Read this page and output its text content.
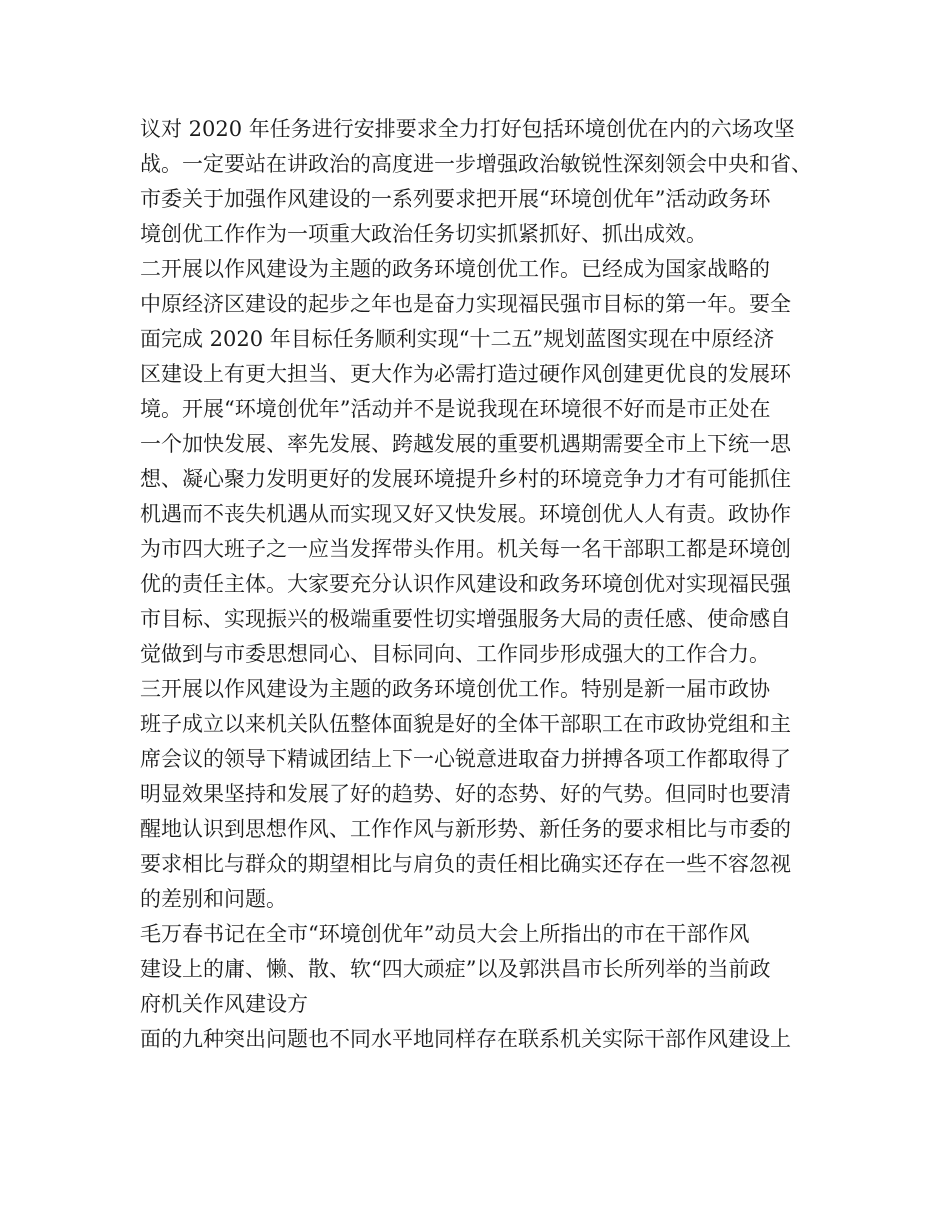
议对 2020 年任务进行安排要求全力打好包括环境创优在内的六场攻坚
战。一定要站在讲政治的高度进一步增强政治敏锐性深刻领会中央和省、
市委关于加强作风建设的一系列要求把开展“环境创优年”活动政务环
境创优工作作为一项重大政治任务切实抓紧抓好、抓出成效。
二开展以作风建设为主题的政务环境创优工作。已经成为国家战略的
中原经济区建设的起步之年也是奋力实现福民强市目标的第一年。要全
面完成 2020 年目标任务顺利实现“十二五”规划蓝图实现在中原经济
区建设上有更大担当、更大作为必需打造过硬作风创建更优良的发展环
境。开展“环境创优年”活动并不是说我现在环境很不好而是市正处在
一个加快发展、率先发展、跨越发展的重要机遇期需要全市上下统一思
想、凝心聚力发明更好的发展环境提升乡村的环境竞争力才有可能抓住
机遇而不丧失机遇从而实现又好又快发展。环境创优人人有责。政协作
为市四大班子之一应当发挥带头作用。机关每一名干部职工都是环境创
优的责任主体。大家要充分认识作风建设和政务环境创优对实现福民强
市目标、实现振兴的极端重要性切实增强服务大局的责任感、使命感自
觉做到与市委思想同心、目标同向、工作同步形成强大的工作合力。
三开展以作风建设为主题的政务环境创优工作。特别是新一届市政协
班子成立以来机关队伍整体面貌是好的全体干部职工在市政协党组和主
席会议的领导下精诚团结上下一心锐意进取奋力拼搏各项工作都取得了
明显效果坚持和发展了好的趋势、好的态势、好的气势。但同时也要清
醒地认识到思想作风、工作作风与新形势、新任务的要求相比与市委的
要求相比与群众的期望相比与肩负的责任相比确实还存在一些不容忽视
的差别和问题。
毛万春书记在全市“环境创优年”动员大会上所指出的市在干部作风
建设上的庸、懒、散、软“四大顽症”以及郭洪昌市长所列举的当前政
府机关作风建设方
面的九种突出问题也不同水平地同样存在联系机关实际干部作风建设上
